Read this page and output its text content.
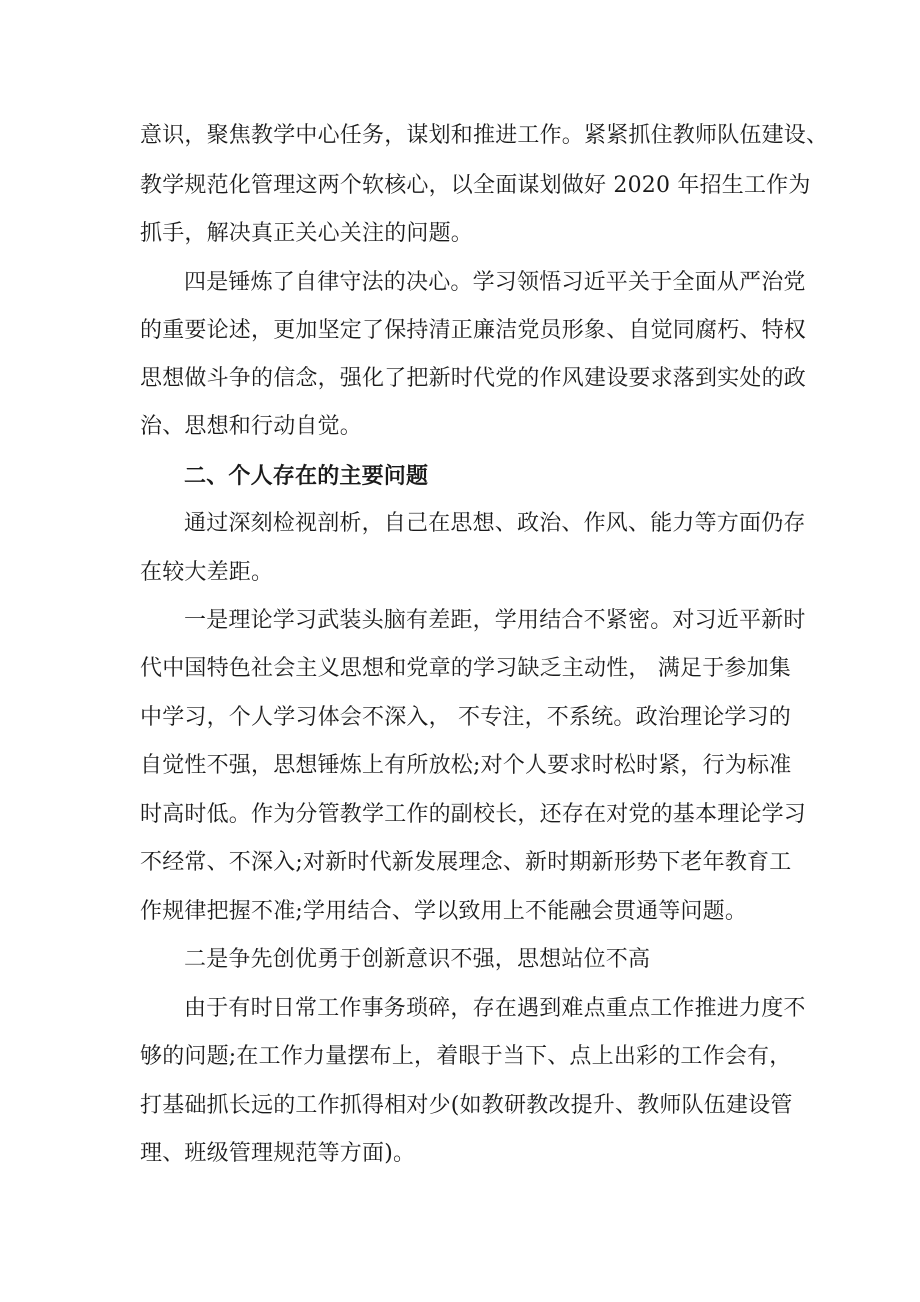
意识，聚焦教学中心任务，谋划和推进工作。紧紧抓住教师队伍建设、
教学规范化管理这两个软核心，以全面谋划做好 2020 年招生工作为
抓手，解决真正关心关注的问题。
四是锤炼了自律守法的决心。学习领悟习近平关于全面从严治党
的重要论述，更加坚定了保持清正廉洁党员形象、自觉同腐朽、特权
思想做斗争的信念，强化了把新时代党的作风建设要求落到实处的政
治、思想和行动自觉。
二、个人存在的主要问题
通过深刻检视剖析，自己在思想、政治、作风、能力等方面仍存
在较大差距。
一是理论学习武装头脑有差距，学用结合不紧密。对习近平新时
代中国特色社会主义思想和党章的学习缺乏主动性， 满足于参加集
中学习，个人学习体会不深入， 不专注，不系统。政治理论学习的
自觉性不强，思想锤炼上有所放松;对个人要求时松时紧，行为标准
时高时低。作为分管教学工作的副校长，还存在对党的基本理论学习
不经常、不深入;对新时代新发展理念、新时期新形势下老年教育工
作规律把握不准;学用结合、学以致用上不能融会贯通等问题。
二是争先创优勇于创新意识不强，思想站位不高
由于有时日常工作事务琐碎，存在遇到难点重点工作推进力度不
够的问题;在工作力量摆布上，着眼于当下、点上出彩的工作会有，
打基础抓长远的工作抓得相对少(如教研教改提升、教师队伍建设管
理、班级管理规范等方面)。
